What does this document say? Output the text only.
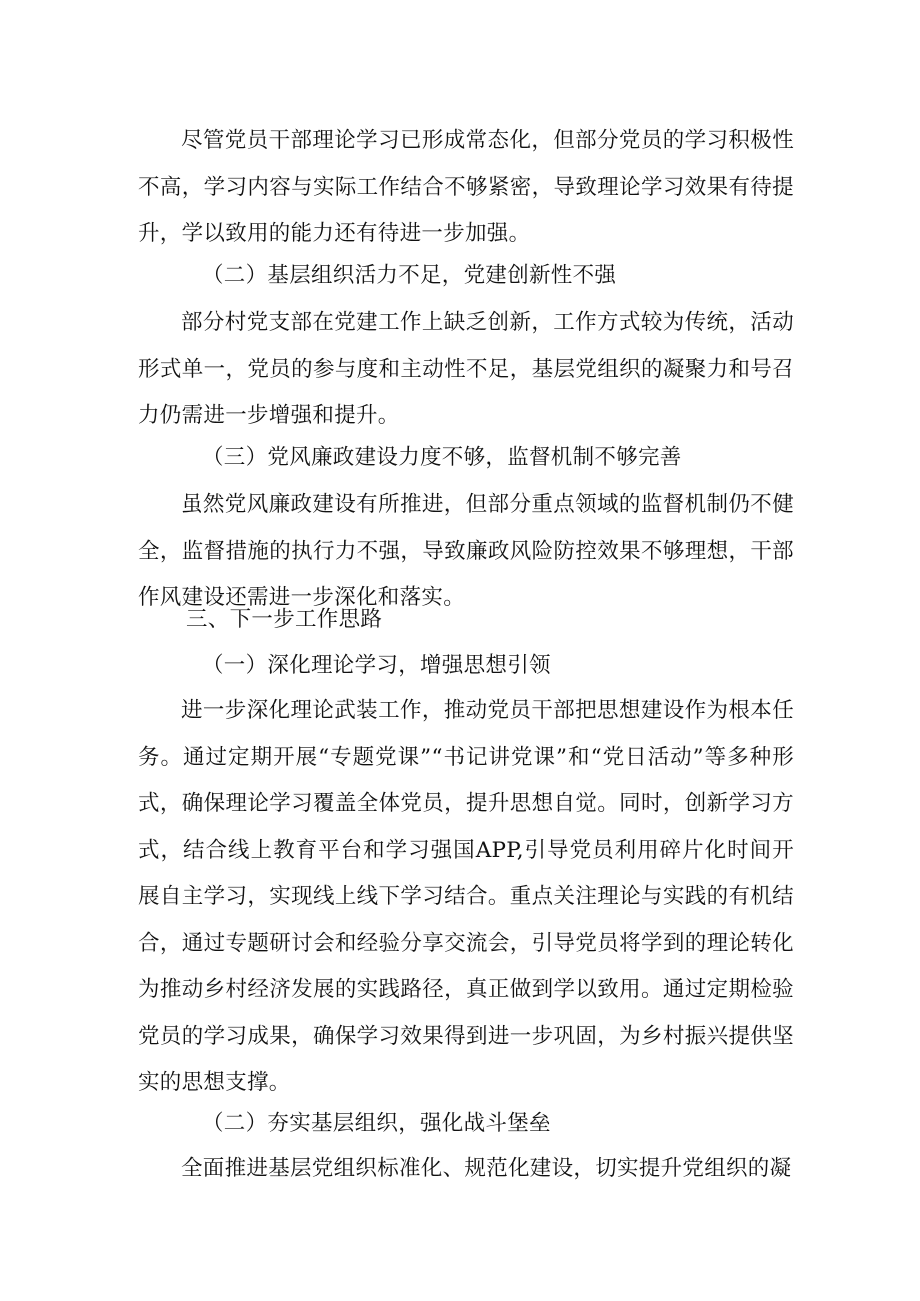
尽管党员干部理论学习已形成常态化，但部分党员的学习积极性不高，学习内容与实际工作结合不够紧密，导致理论学习效果有待提升，学以致用的能力还有待进一步加强。

（二）基层组织活力不足，党建创新性不强

部分村党支部在党建工作上缺乏创新，工作方式较为传统，活动形式单一，党员的参与度和主动性不足，基层党组织的凝聚力和号召力仍需进一步增强和提升。

（三）党风廉政建设力度不够，监督机制不够完善

虽然党风廉政建设有所推进，但部分重点领域的监督机制仍不健全，监督措施的执行力不强，导致廉政风险防控效果不够理想，干部作风建设还需进一步深化和落实。

三、下一步工作思路

（一）深化理论学习，增强思想引领

进一步深化理论武装工作，推动党员干部把思想建设作为根本任务。通过定期开展“专题党课”“书记讲党课”和“党日活动”等多种形式，确保理论学习覆盖全体党员，提升思想自觉。同时，创新学习方式，结合线上教育平台和学习强国APP,引导党员利用碎片化时间开展自主学习，实现线上线下学习结合。重点关注理论与实践的有机结合，通过专题研讨会和经验分享交流会，引导党员将学到的理论转化为推动乡村经济发展的实践路径，真正做到学以致用。通过定期检验党员的学习成果，确保学习效果得到进一步巩固，为乡村振兴提供坚实的思想支撑。

（二）夯实基层组织，强化战斗堡垒

全面推进基层党组织标准化、规范化建设，切实提升党组织的凝
